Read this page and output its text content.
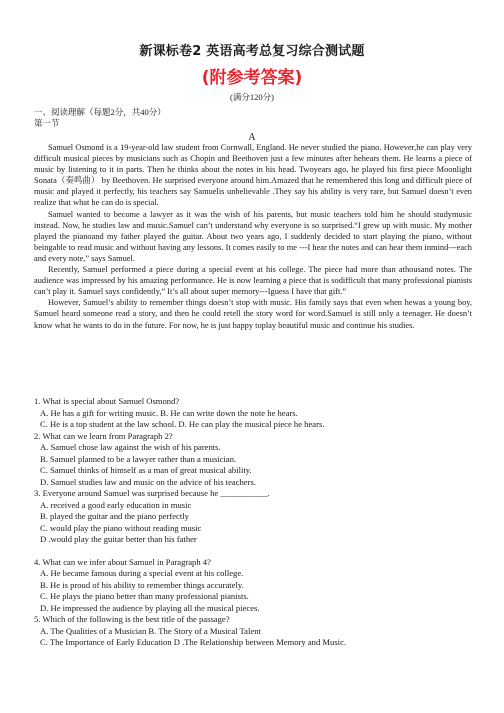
新课标卷2 英语高考总复习综合测试题
(附参考答案)
(满分120分)
一、阅读理解（每题2分，共40分）
第一节
A

Samuel Osmond is a 19-year-old law student from Cornwall, England. He never studied the piano. However,he can play very difficult musical pieces by musicians such as Chopin and Beethoven just a few minutes after hehears them. He learns a piece of music by listening to it in parts. Then he thinks about the notes in his head. Twoyears ago, he played his first piece Moonlight Sonata（奏鸣曲） by Beethoven. He surprised everyone around him.Amazed that he remembered this long and difficult piece of music and played it perfectly, his teachers say Samuelis unbelievable .They say his ability is very rare, but Samuel doesn’t even realize that what he can do is special.

Samuel wanted to become a lawyer as it was the wish of his parents, but music teachers told him he should studymusic instead. Now, he studies law and music.Samuel can’t understand why everyone is so surprised.“I grew up with music. My mother played the pianoand my father played the guitar. About two years ago, I suddenly decided to start playing the piano, without beingable to read music and without having any lessons. It comes easily to me ---I hear the notes and can hear them inmind---each and every note,” says Samuel.

Recently, Samuel performed a piece during a special event at his college. The piece had more than athousand notes. The audience was impressed by his amazing performance. He is now learning a piece that is sodifficult that many professional pianists can’t play it. Samuel says confidently,” It’s all about super memory---Iguess I have that gift.”

However, Samuel’s ability to remember things doesn’t stop with music. His family says that even when hewas a young boy, Samuel heard someone read a story, and then he could retell the story word for word.Samuel is still only a teenager. He doesn’t know what he wants to do in the future. For now, he is just happy toplay beautiful music and continue his studies.

1. What is special about Samuel Osmond?
A. He has a gift for writing music. B. He can write down the note he hears.
C. He is a top student at the law school. D. He can play the musical piece he hears.
2. What can we learn from Paragraph 2?
A. Samuel chose law against the wish of his parents.
B. Samuel planned to be a lawyer rather than a musician.
C. Samuel thinks of himself as a man of great musical ability.
D. Samuel studies law and music on the advice of his teachers.
3. Everyone around Samuel was surprised because he ___________.
A. received a good early education in music
B. played the guitar and the piano perfectly
C. would play the piano without reading music
D .would play the guitar better than his father
4. What can we infer about Samuel in Paragraph 4?
A. He became famous during a special event at his college.
B. He is proud of his ability to remember things accurately.
C. He plays the piano better than many professional pianists.
D. He impressed the audience by playing all the musical pieces.
5. Which of the following is the best title of the passage?
A. The Qualities of a Musician B. The Story of a Musical Talent
C. The Importance of Early Education D .The Relationship between Memory and Music.
